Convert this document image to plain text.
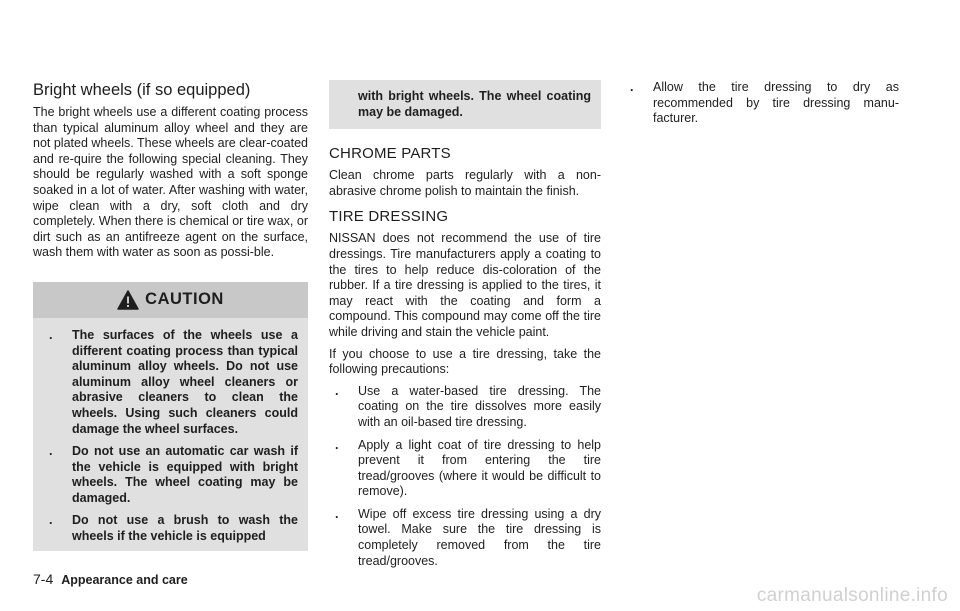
Bright wheels (if so equipped)

The bright wheels use a different coating process than typical aluminum alloy wheel and they are not plated wheels. These wheels are clear-coated and re-quire the following special cleaning. They should be regularly washed with a soft sponge soaked in a lot of water. After washing with water, wipe clean with a dry, soft cloth and dry completely. When there is chemical or tire wax, or dirt such as an antifreeze agent on the surface, wash them with water as soon as possi-ble.

CAUTION
. The surfaces of the wheels use a different coating process than typical aluminum alloy wheels. Do not use aluminum alloy wheel cleaners or abrasive cleaners to clean the wheels. Using such cleaners could damage the wheel surfaces.
. Do not use an automatic car wash if the vehicle is equipped with bright wheels. The wheel coating may be damaged.
. Do not use a brush to wash the wheels if the vehicle is equipped
with bright wheels. The wheel coating may be damaged.
CHROME PARTS

Clean chrome parts regularly with a non-abrasive chrome polish to maintain the finish.

TIRE DRESSING

NISSAN does not recommend the use of tire dressings. Tire manufacturers apply a coating to the tires to help reduce dis-coloration of the rubber. If a tire dressing is applied to the tires, it may react with the coating and form a compound. This compound may come off the tire while driving and stain the vehicle paint.

If you choose to use a tire dressing, take the following precautions:

. Use a water-based tire dressing. The coating on the tire dissolves more easily with an oil-based tire dressing.
. Apply a light coat of tire dressing to help prevent it from entering the tire tread/grooves (where it would be difficult to remove).
. Wipe off excess tire dressing using a dry towel. Make sure the tire dressing is completely removed from the tire tread/grooves.
. Allow the tire dressing to dry as recommended by tire dressing manu-facturer.
7-4 Appearance and care
carmanualsonline.info
